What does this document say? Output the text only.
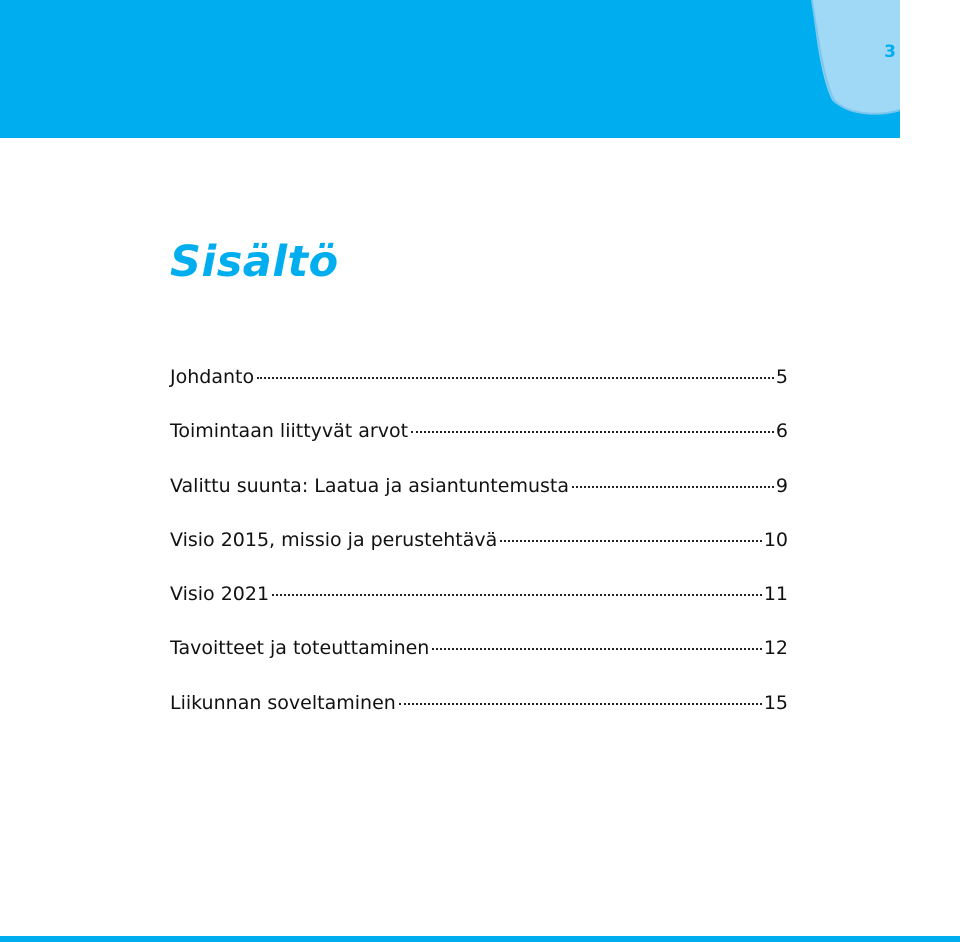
3
Sisältö
Johdanto	5
Toimintaan liittyvät arvot	6
Valittu suunta: Laatua ja asiantuntemusta	9
Visio 2015, missio ja perustehtävä	10
Visio 2021	11
Tavoitteet ja toteuttaminen	12
Liikunnan soveltaminen	15
